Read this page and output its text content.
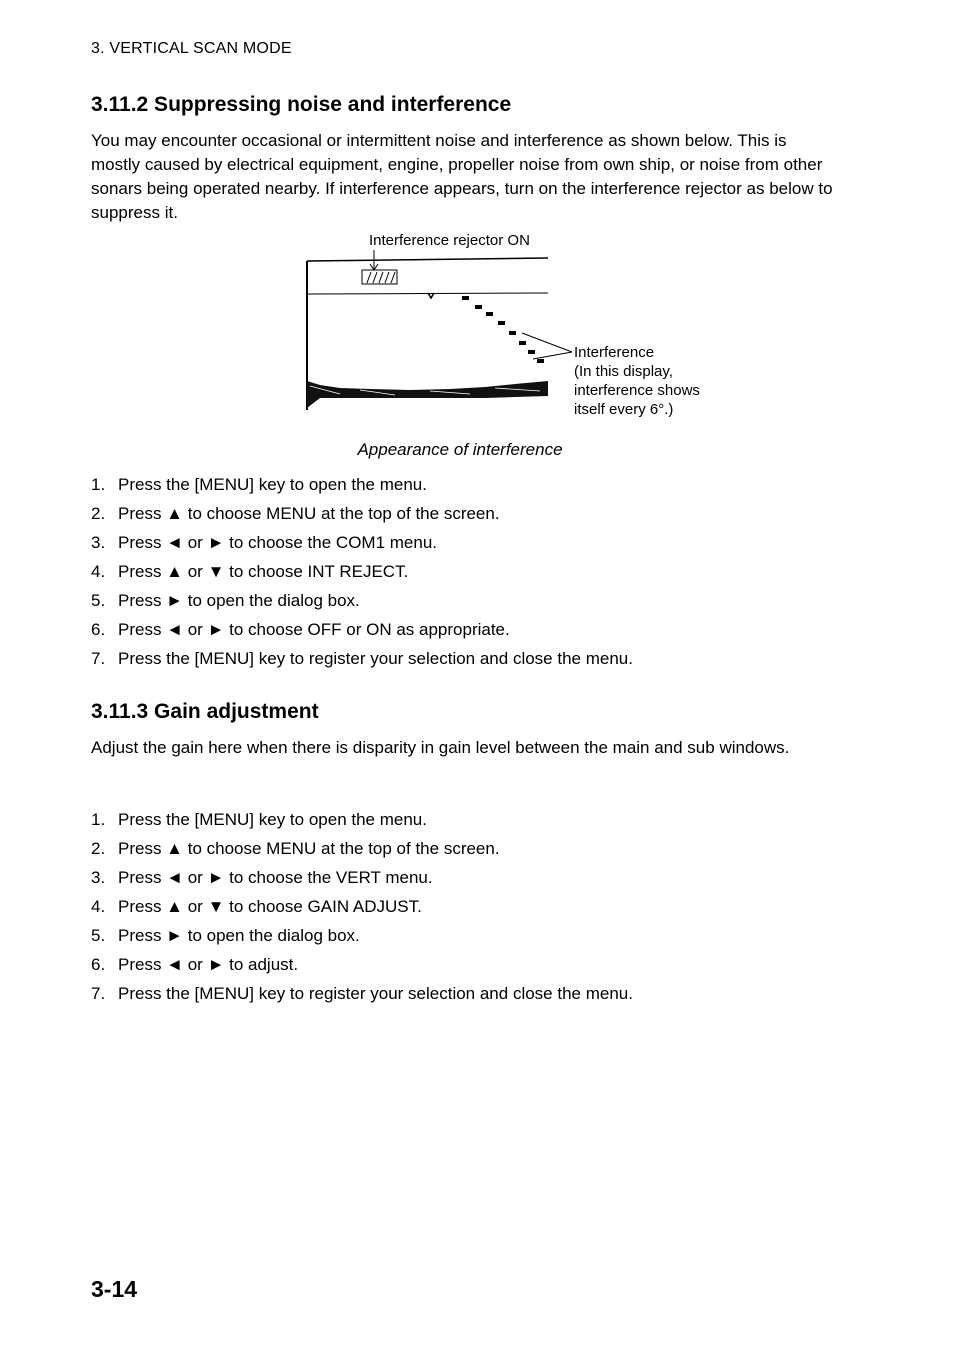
3. VERTICAL SCAN MODE
3.11.2 Suppressing noise and interference

You may encounter occasional or intermittent noise and interference as shown below. This is mostly caused by electrical equipment, engine, propeller noise from own ship, or noise from other sonars being operated nearby. If interference appears, turn on the interference rejector as below to suppress it.

Interference rejector ON
Interference
(In this display,
interference shows
itself every 6°.)
Appearance of interference
1. Press the [MENU] key to open the menu.
2. Press ▲ to choose MENU at the top of the screen.
3. Press ◄ or ► to choose the COM1 menu.
4. Press ▲ or ▼ to choose INT REJECT.
5. Press ► to open the dialog box.
6. Press ◄ or ► to choose OFF or ON as appropriate.
7. Press the [MENU] key to register your selection and close the menu.
3.11.3 Gain adjustment

Adjust the gain here when there is disparity in gain level between the main and sub windows.

1. Press the [MENU] key to open the menu.
2. Press ▲ to choose MENU at the top of the screen.
3. Press ◄ or ► to choose the VERT menu.
4. Press ▲ or ▼ to choose GAIN ADJUST.
5. Press ► to open the dialog box.
6. Press ◄ or ► to adjust.
7. Press the [MENU] key to register your selection and close the menu.
3-14
